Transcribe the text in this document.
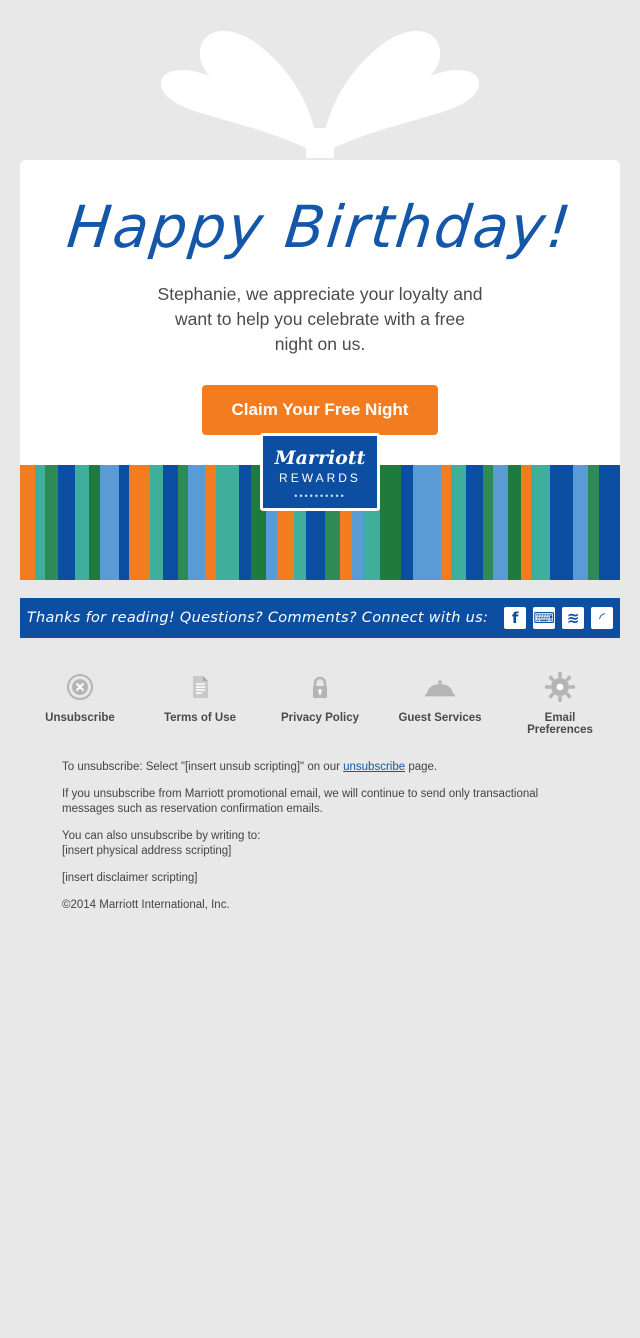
Happy Birthday!
Stephanie, we appreciate your loyalty and want to help you celebrate with a free night on us.
Claim Your Free Night
Marriott
REWARDS
••••••••••
Thanks for reading! Questions? Comments? Connect with us:	f ⌨ ≋	◜
Unsubscribe	Terms of Use	Privacy Policy	Guest Services	Email Preferences

To unsubscribe: Select "[insert unsub scripting]" on our unsubscribe page.

If you unsubscribe from Marriott promotional email, we will continue to send only transactional messages such as reservation confirmation emails.

You can also unsubscribe by writing to:
[insert physical address scripting]

[insert disclaimer scripting]

©2014 Marriott International, Inc.
